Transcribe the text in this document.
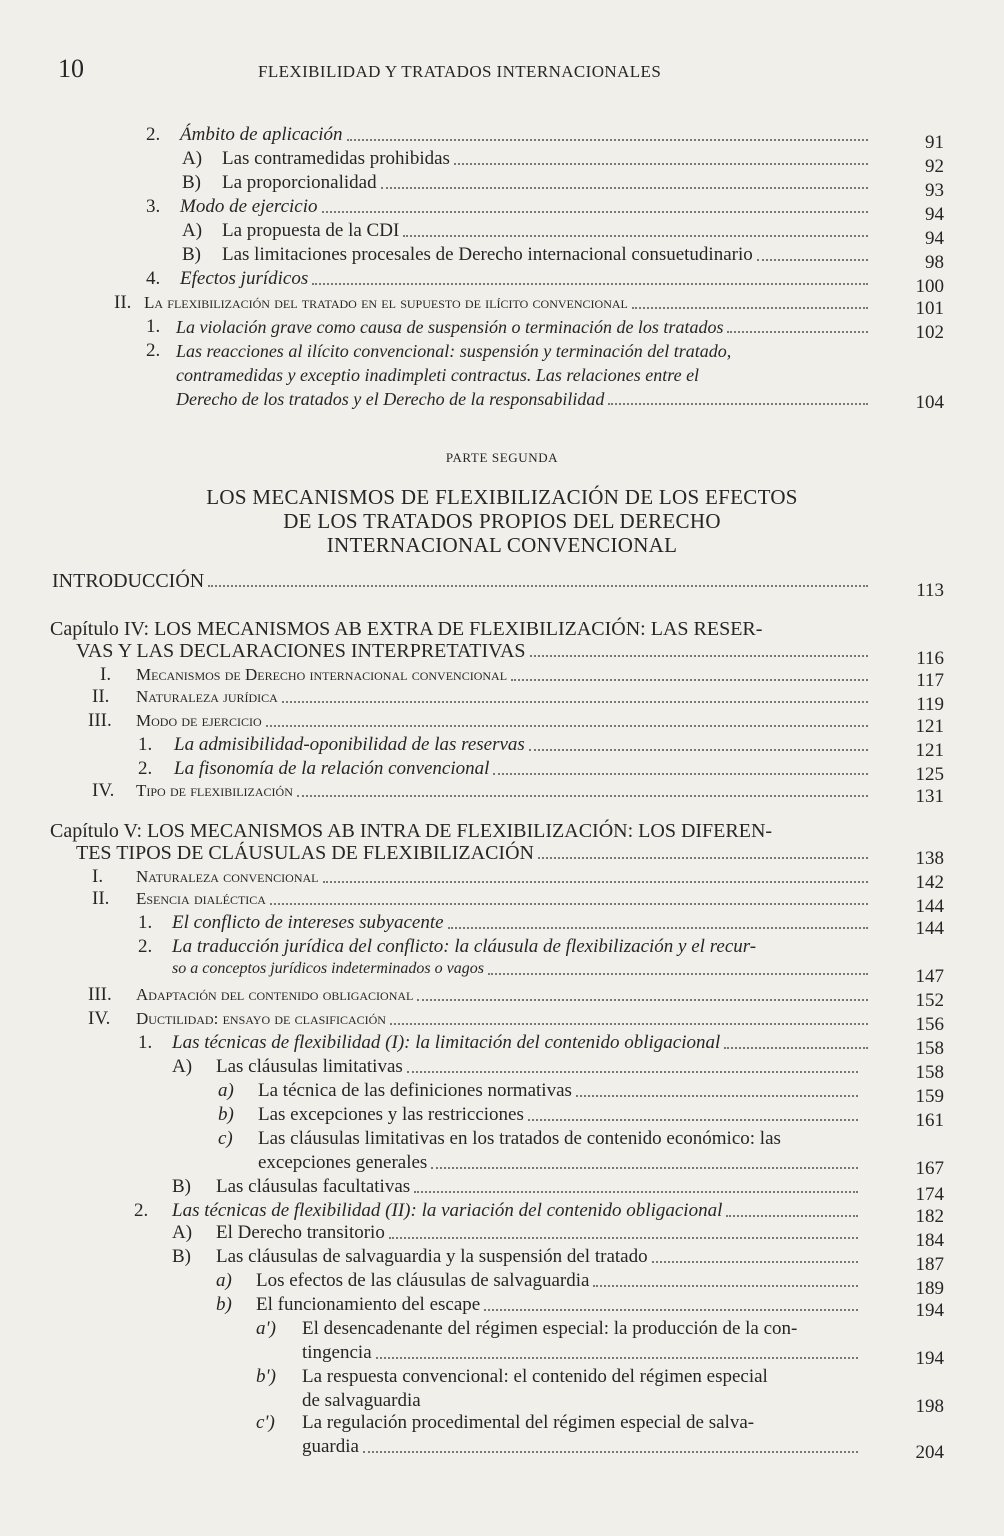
10	FLEXIBILIDAD Y TRATADOS INTERNACIONALES
2. Ámbito de aplicación	91
A) Las contramedidas prohibidas	92
B) La proporcionalidad	93
3. Modo de ejercicio	94
A) La propuesta de la CDI	94
B) Las limitaciones procesales de Derecho internacional consuetudinario	98
4. Efectos jurídicos	100
II. La flexibilización del tratado en el supuesto de ilícito convencional	101
1. La violación grave como causa de suspensión o terminación de los tratados	102
2. Las reacciones al ilícito convencional: suspensión y terminación del tratado,
contramedidas y exceptio inadimpleti contractus. Las relaciones entre el
Derecho de los tratados y el Derecho de la responsabilidad	104
PARTE SEGUNDA
LOS MECANISMOS DE FLEXIBILIZACIÓN DE LOS EFECTOS
DE LOS TRATADOS PROPIOS DEL DERECHO
INTERNACIONAL CONVENCIONAL
INTRODUCCIÓN	113
Capítulo IV: LOS MECANISMOS AB EXTRA DE FLEXIBILIZACIÓN: LAS RESER-
VAS Y LAS DECLARACIONES INTERPRETATIVAS	116
I. Mecanismos de Derecho internacional convencional	117
II. Naturaleza jurídica	119
III. Modo de ejercicio	121
1. La admisibilidad-oponibilidad de las reservas	121
2. La fisonomía de la relación convencional	125
IV. Tipo de flexibilización	131
Capítulo V: LOS MECANISMOS AB INTRA DE FLEXIBILIZACIÓN: LOS DIFEREN-
TES TIPOS DE CLÁUSULAS DE FLEXIBILIZACIÓN	138
I. Naturaleza convencional	142
II. Esencia dialéctica	144
1. El conflicto de intereses subyacente	144
2. La traducción jurídica del conflicto: la cláusula de flexibilización y el recur-
so a conceptos jurídicos indeterminados o vagos	147
III. Adaptación del contenido obligacional	152
IV. Ductilidad: ensayo de clasificación	156
1. Las técnicas de flexibilidad (I): la limitación del contenido obligacional	158
A) Las cláusulas limitativas	158
a) La técnica de las definiciones normativas	159
b) Las excepciones y las restricciones	161
c) Las cláusulas limitativas en los tratados de contenido económico: las
excepciones generales	167
B) Las cláusulas facultativas	174
2. Las técnicas de flexibilidad (II): la variación del contenido obligacional	182
A) El Derecho transitorio	184
B) Las cláusulas de salvaguardia y la suspensión del tratado	187
a) Los efectos de las cláusulas de salvaguardia	189
b) El funcionamiento del escape	194
a') El desencadenante del régimen especial: la producción de la con-
tingencia	194
b') La respuesta convencional: el contenido del régimen especial
de salvaguardia	198
c') La regulación procedimental del régimen especial de salva-
guardia	204
